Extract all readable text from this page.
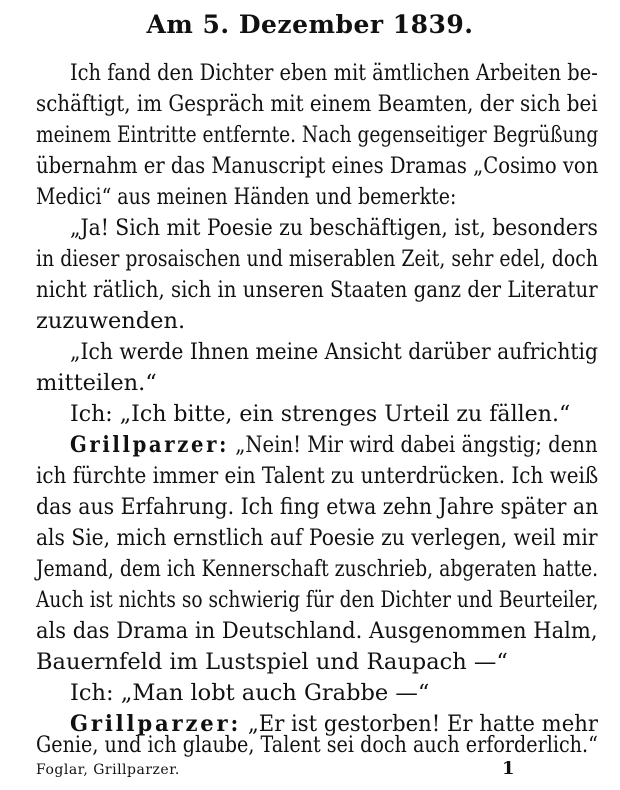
Am 5. Dezember 1839.
Ich fand den Dichter eben mit ämtlichen Arbeiten be-
schäftigt, im Gespräch mit einem Beamten, der sich bei
meinem Eintritte entfernte. Nach gegenseitiger Begrüßung
übernahm er das Manuscript eines Dramas „Cosimo von
Medici“ aus meinen Händen und bemerkte:
„Ja! Sich mit Poesie zu beschäftigen, ist, besonders
in dieser prosaischen und miserablen Zeit, sehr edel, doch
nicht rätlich, sich in unseren Staaten ganz der Literatur
zuzuwenden.
„Ich werde Ihnen meine Ansicht darüber aufrichtig
mitteilen.“
Ich: „Ich bitte, ein strenges Urteil zu fällen.“
Grillparzer: „Nein! Mir wird dabei ängstig; denn
ich fürchte immer ein Talent zu unterdrücken. Ich weiß
das aus Erfahrung. Ich fing etwa zehn Jahre später an
als Sie, mich ernstlich auf Poesie zu verlegen, weil mir
Jemand, dem ich Kennerschaft zuschrieb, abgeraten hatte.
Auch ist nichts so schwierig für den Dichter und Beurteiler,
als das Drama in Deutschland. Ausgenommen Halm,
Bauernfeld im Lustspiel und Raupach —“
Ich: „Man lobt auch Grabbe —“
Grillparzer: „Er ist gestorben! Er hatte mehr
Genie, und ich glaube, Talent sei doch auch erforderlich.“
Foglar, Grillparzer.	1
